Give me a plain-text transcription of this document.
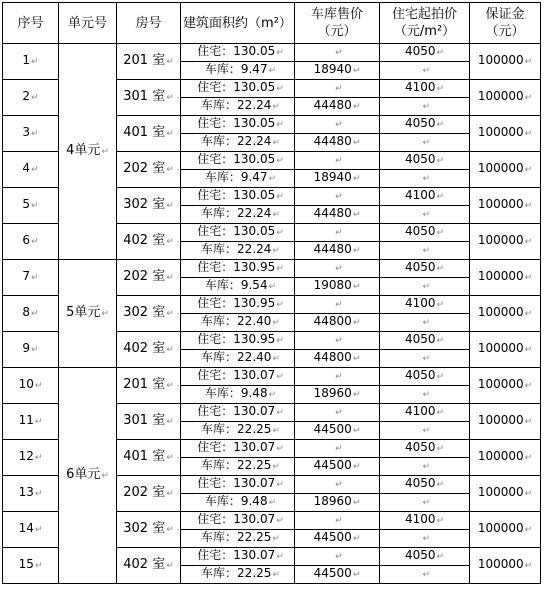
序号	单元号	房号	建筑面积约（m²）	车库售价（元）	住宅起拍价（元/m²）	保证金（元）
1↵	4单元↵	201 室↵	住宅：130.05↵	↵	4050↵	100000↵
			车库：9.47↵	18940↵	↵	

2↵		301 室↵	住宅：130.05↵	↵	4100↵	100000↵
			车库：22.24↵	44480↵	↵	

3↵		401 室↵	住宅：130.05↵	↵	4050↵	100000↵
			车库：22.24↵	44480↵	↵	

4↵		202 室↵	住宅：130.05↵	↵	4050↵	100000↵
			车库：9.47↵	18940↵	↵	

5↵		302 室↵	住宅：130.05↵	↵	4100↵	100000↵
			车库：22.24↵	44480↵	↵	

6↵		402 室↵	住宅：130.05↵	↵	4050↵	100000↵
			车库：22.24↵	44480↵	↵	

7↵	5单元↵	202 室↵	住宅：130.95↵	↵	4050↵	100000↵
			车库：9.54↵	19080↵	↵	

8↵		302 室↵	住宅：130.95↵	↵	4100↵	100000↵
			车库：22.40↵	44800↵	↵	

9↵		402 室↵	住宅：130.95↵	↵	4050↵	100000↵
			车库：22.40↵	44800↵	↵	

10↵	6单元↵	201 室↵	住宅：130.07↵	↵	4050↵	100000↵
			车库：9.48↵	18960↵	↵	

11↵		301 室↵	住宅：130.07↵	↵	4100↵	100000↵
			车库：22.25↵	44500↵	↵	

12↵		401 室↵	住宅：130.07↵	↵	4050↵	100000↵
			车库：22.25↵	44500↵	↵	

13↵		202 室↵	住宅：130.07↵	↵	4050↵	100000↵
			车库：9.48↵	18960↵	↵	

14↵		302 室↵	住宅：130.07↵	↵	4100↵	100000↵
			车库：22.25↵	44500↵	↵	

15↵		402 室↵	住宅：130.07↵	↵	4050↵	100000↵
			车库：22.25↵	44500↵	↵	
